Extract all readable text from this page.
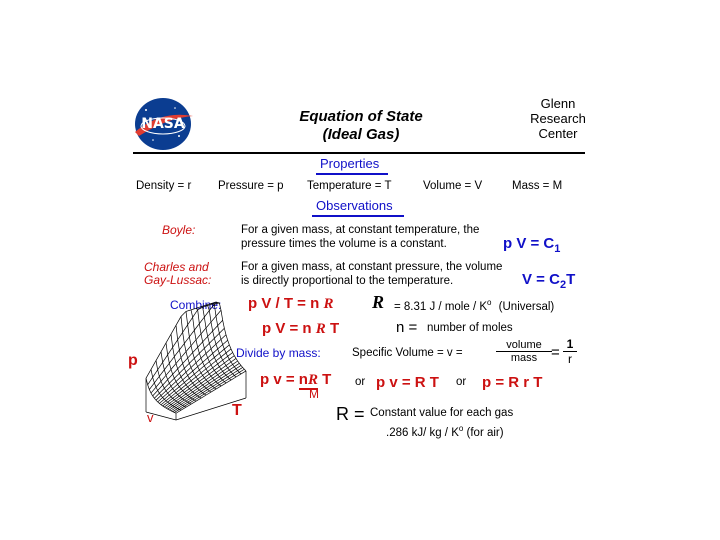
NASA	Equation of State
(Ideal Gas)
Glenn
Research
Center
Properties
Density = r Pressure = p Temperature = T	Volume = V	Mass = M
Observations
Boyle:	For a given mass, at constant temperature, the
pressure times the volume is a constant.	p $V = C_1$
Charles and
Gay-Lussac:
For a given mass, at constant pressure, the volume
is directly proportional to the temperature.	$V = C_2T$
Combine: p V / T = n R R = 8.31 J / mole / $K^o$ (Universal)
p V = n R T	n = number of moles
Divide by mass:	Specific Volume = v =
volume
mass = $\frac{1}{r}$
p v = nR T
M
or p v = R T or p = R r T
R = Constant value for each gas
.286 kJ/ kg / $K^o$ (for air)
p
v	T
